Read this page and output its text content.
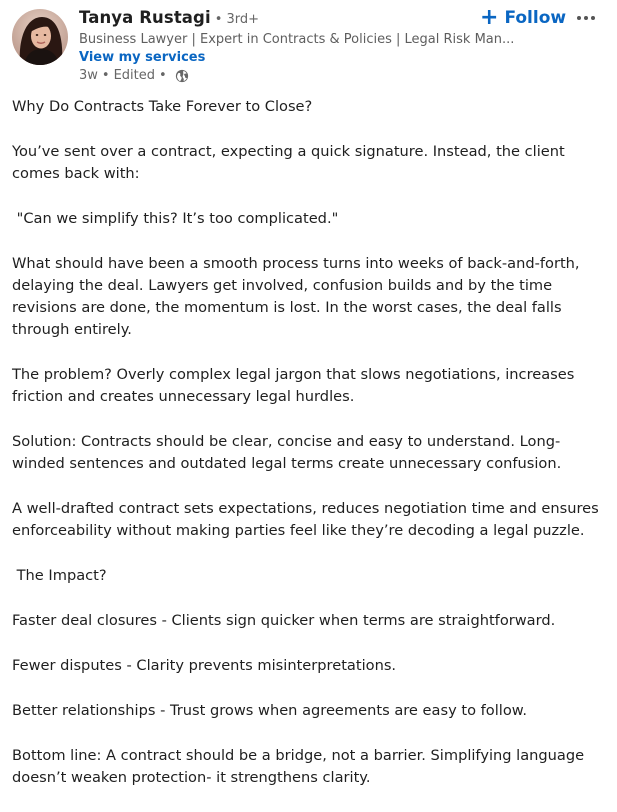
Tanya Rustagi • 3rd+
Business Lawyer | Expert in Contracts & Policies | Legal Risk Man...
View my services
3w • Edited •
+ Follow

Why Do Contracts Take Forever to Close?

You’ve sent over a contract, expecting a quick signature. Instead, the client comes back with:

"Can we simplify this? It’s too complicated."

What should have been a smooth process turns into weeks of back-and-forth, delaying the deal. Lawyers get involved, confusion builds and by the time revisions are done, the momentum is lost. In the worst cases, the deal falls through entirely.

The problem? Overly complex legal jargon that slows negotiations, increases friction and creates unnecessary legal hurdles.

Solution: Contracts should be clear, concise and easy to understand. Long-winded sentences and outdated legal terms create unnecessary confusion.

A well-drafted contract sets expectations, reduces negotiation time and ensures enforceability without making parties feel like they’re decoding a legal puzzle.

The Impact?

Faster deal closures - Clients sign quicker when terms are straightforward.

Fewer disputes - Clarity prevents misinterpretations.

Better relationships - Trust grows when agreements are easy to follow.

Bottom line: A contract should be a bridge, not a barrier. Simplifying language doesn’t weaken protection- it strengthens clarity.
